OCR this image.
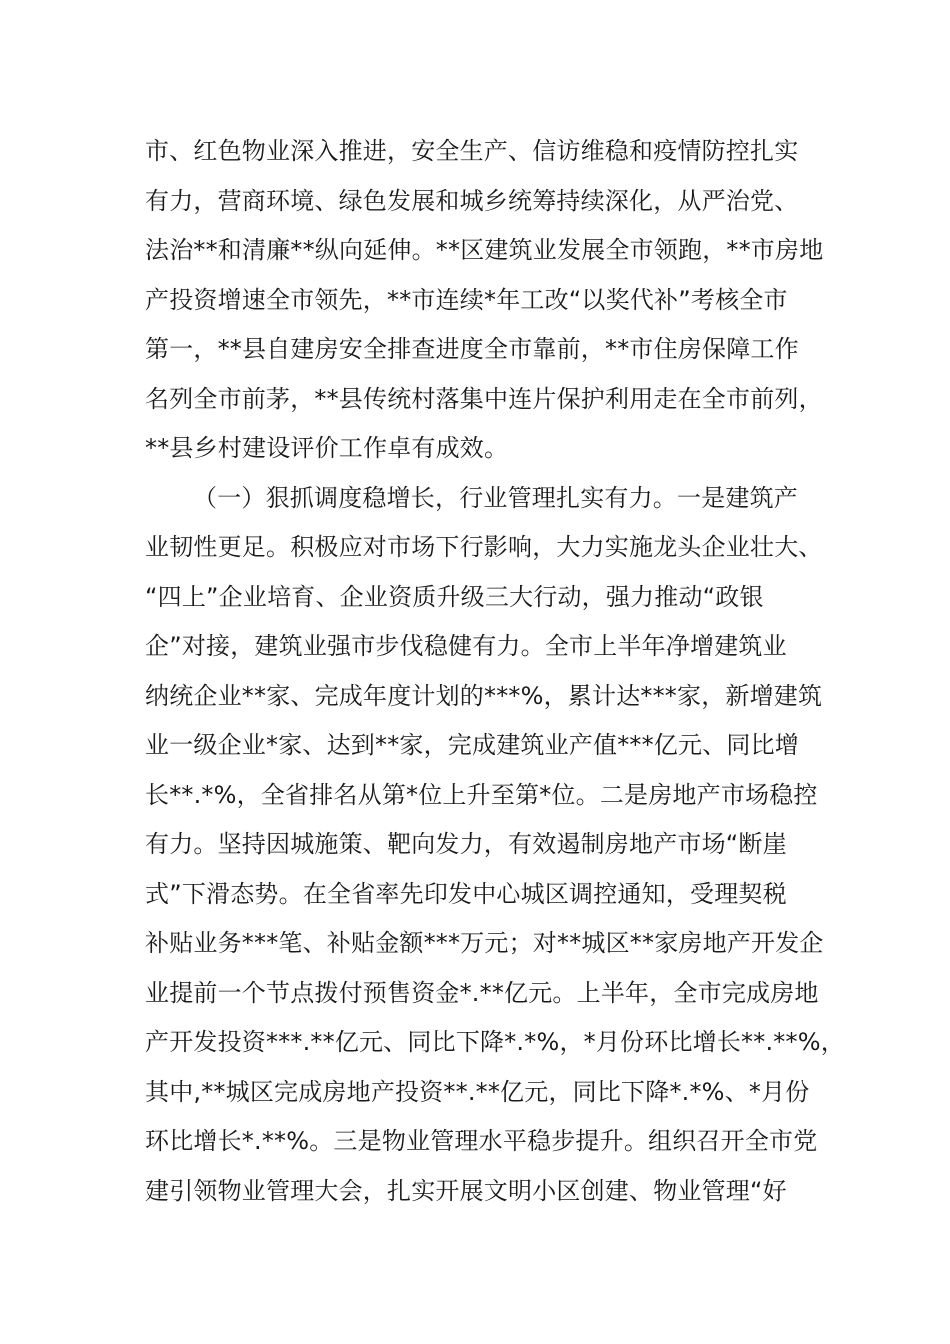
市、红色物业深入推进，安全生产、信访维稳和疫情防控扎实
有力，营商环境、绿色发展和城乡统筹持续深化，从严治党、
法治**和清廉**纵向延伸。**区建筑业发展全市领跑，**市房地
产投资增速全市领先，**市连续*年工改“以奖代补”考核全市
第一，**县自建房安全排查进度全市靠前，**市住房保障工作
名列全市前茅，**县传统村落集中连片保护利用走在全市前列，
**县乡村建设评价工作卓有成效。
（一）狠抓调度稳增长，行业管理扎实有力。一是建筑产
业韧性更足。积极应对市场下行影响，大力实施龙头企业壮大、
“四上”企业培育、企业资质升级三大行动，强力推动“政银
企”对接，建筑业强市步伐稳健有力。全市上半年净增建筑业
纳统企业**家、完成年度计划的***%，累计达***家，新增建筑
业一级企业*家、达到**家，完成建筑业产值***亿元、同比增
长**.*%，全省排名从第*位上升至第*位。二是房地产市场稳控
有力。坚持因城施策、靶向发力，有效遏制房地产市场“断崖
式”下滑态势。在全省率先印发中心城区调控通知，受理契税
补贴业务***笔、补贴金额***万元；对**城区**家房地产开发企
业提前一个节点拨付预售资金*.**亿元。上半年，全市完成房地
产开发投资***.**亿元、同比下降*.*%，*月份环比增长**.**%，
其中,**城区完成房地产投资**.**亿元，同比下降*.*%、*月份
环比增长*.**%。三是物业管理水平稳步提升。组织召开全市党
建引领物业管理大会，扎实开展文明小区创建、物业管理“好
